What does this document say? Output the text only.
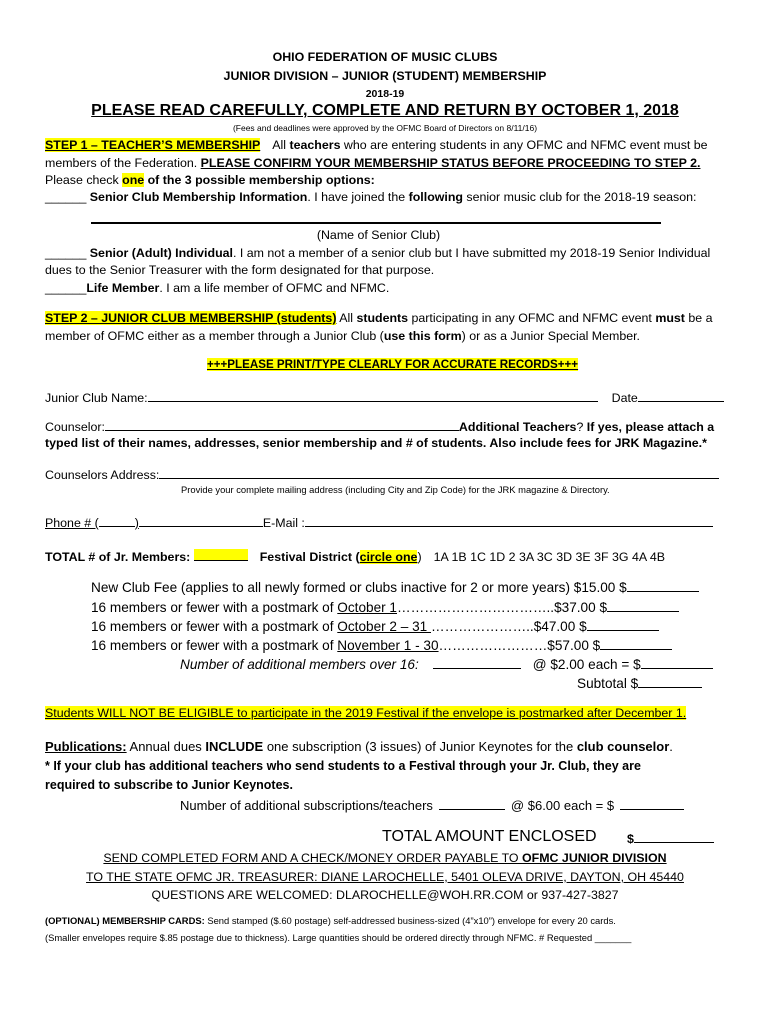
OHIO FEDERATION OF MUSIC CLUBS
JUNIOR DIVISION – JUNIOR (STUDENT) MEMBERSHIP
2018-19
PLEASE READ CAREFULLY, COMPLETE AND RETURN BY OCTOBER 1, 2018
(Fees and deadlines were approved by the OFMC Board of Directors on 8/11/16)
STEP 1 – TEACHER’S MEMBERSHIP All teachers who are entering students in any OFMC and NFMC event must be
members of the Federation. PLEASE CONFIRM YOUR MEMBERSHIP STATUS BEFORE PROCEEDING TO STEP 2.
Please check one of the 3 possible membership options:
______ Senior Club Membership Information. I have joined the following senior music club for the 2018-19 season:
(Name of Senior Club)
______ Senior (Adult) Individual. I am not a member of a senior club but I have submitted my 2018-19 Senior Individual
dues to the Senior Treasurer with the form designated for that purpose.
______Life Member. I am a life member of OFMC and NFMC.
STEP 2 – JUNIOR CLUB MEMBERSHIP (students) All students participating in any OFMC and NFMC event must be a
member of OFMC either as a member through a Junior Club (use this form) or as a Junior Special Member.
+++PLEASE PRINT/TYPE CLEARLY FOR ACCURATE RECORDS+++
Junior Club Name:	Date
Counselor:	Additional Teachers? If yes, please attach a
typed list of their names, addresses, senior membership and # of students. Also include fees for JRK Magazine.*
Counselors Address:
Provide your complete mailing address (including City and Zip Code) for the JRK magazine & Directory.
Phone # (	)	E-Mail :
TOTAL # of Jr. Members:	Festival District (circle one) 1A 1B 1C 1D 2 3A 3C 3D 3E 3F 3G 4A 4B
New Club Fee (applies to all newly formed or clubs inactive for 2 or more years) $15.00 $
16 members or fewer with a postmark of October 1……………………………..$37.00 $
16 members or fewer with a postmark of October 2 – 31 …………………..$47.00 $
16 members or fewer with a postmark of November 1 - 30……………………$57.00 $
Number of additional members over 16:	@ $2.00 each = $
Subtotal $
Students WILL NOT BE ELIGIBLE to participate in the 2019 Festival if the envelope is postmarked after December 1.
Publications: Annual dues INCLUDE one subscription (3 issues) of Junior Keynotes for the club counselor.
* If your club has additional teachers who send students to a Festival through your Jr. Club, they are
required to subscribe to Junior Keynotes.
Number of additional subscriptions/teachers	@ $6.00 each = $
TOTAL AMOUNT ENCLOSED $
SEND COMPLETED FORM AND A CHECK/MONEY ORDER PAYABLE TO OFMC JUNIOR DIVISION
TO THE STATE OFMC JR. TREASURER: DIANE LAROCHELLE, 5401 OLEVA DRIVE, DAYTON, OH 45440
QUESTIONS ARE WELCOMED: DLAROCHELLE@WOH.RR.COM or 937-427-3827
(OPTIONAL) MEMBERSHIP CARDS: Send stamped ($.60 postage) self-addressed business-sized (4”x10”) envelope for every 20 cards.
(Smaller envelopes require $.85 postage due to thickness). Large quantities should be ordered directly through NFMC. # Requested _______
